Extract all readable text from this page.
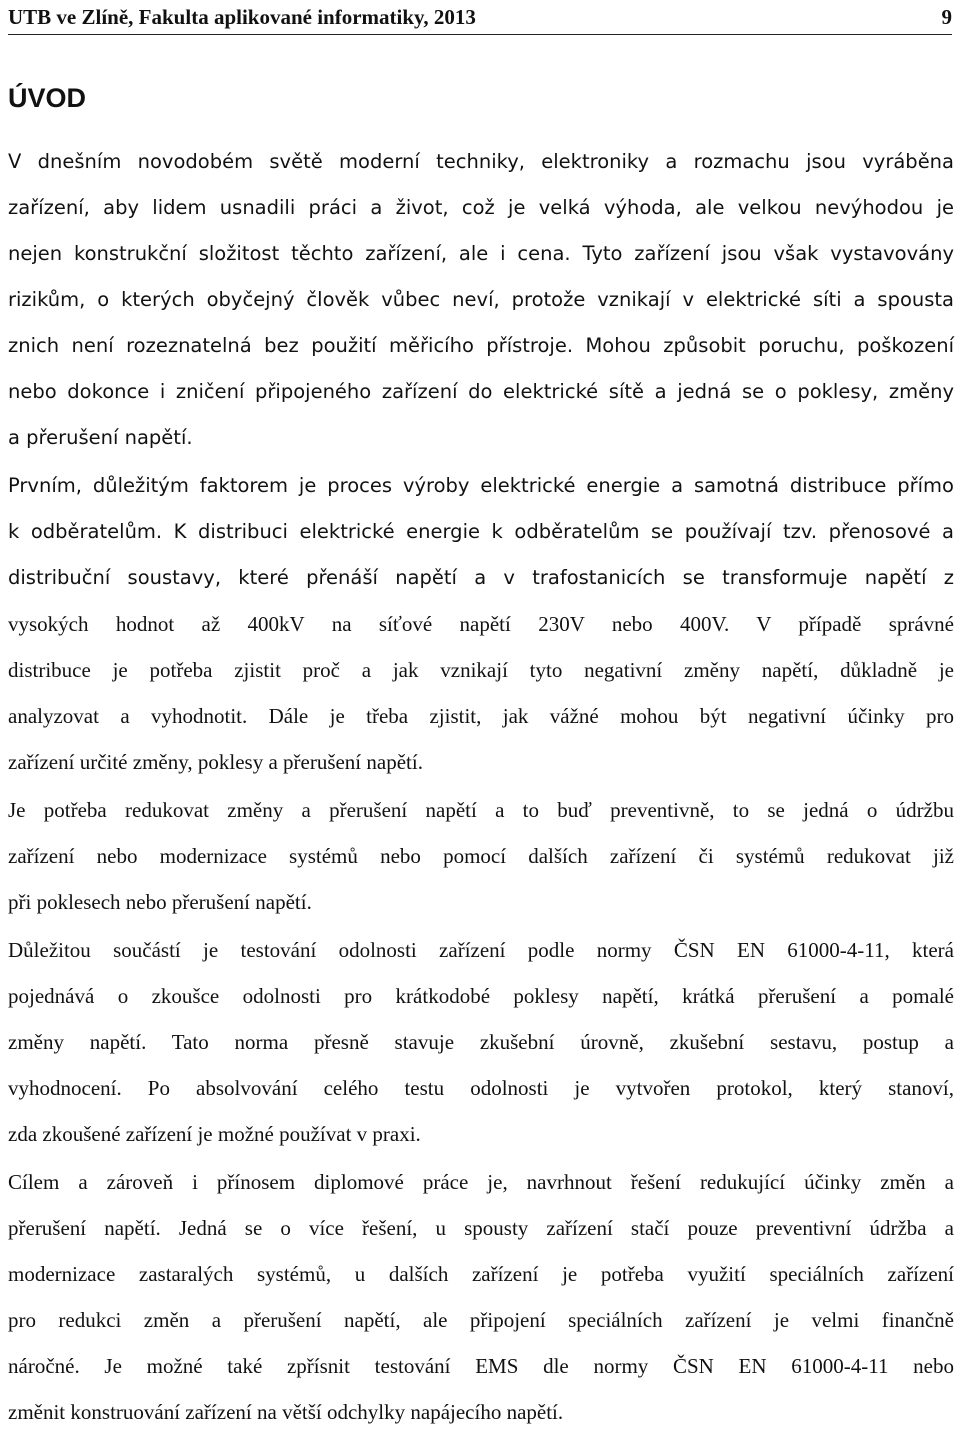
UTB ve Zlíně, Fakulta aplikované informatiky, 2013	9
ÚVOD
V dnešním novodobém světě moderní techniky, elektroniky a rozmachu jsou vyráběna
zařízení, aby lidem usnadili práci a život, což je velká výhoda, ale velkou nevýhodou je
nejen konstrukční složitost těchto zařízení, ale i cena. Tyto zařízení jsou však vystavovány
rizikům, o kterých obyčejný člověk vůbec neví, protože vznikají v elektrické síti a spousta
znich není rozeznatelná bez použití měřicího přístroje. Mohou způsobit poruchu, poškození
nebo dokonce i zničení připojeného zařízení do elektrické sítě a jedná se o poklesy, změny
a přerušení napětí.
Prvním, důležitým faktorem je proces výroby elektrické energie a samotná distribuce přímo
k odběratelům. K distribuci elektrické energie k odběratelům se používají tzv. přenosové a
distribuční soustavy, které přenáší napětí a v trafostanicích se transformuje napětí z
vysokých hodnot až 400kV na síťové napětí 230V nebo 400V. V případě správné
distribuce je potřeba zjistit proč a jak vznikají tyto negativní změny napětí, důkladně je
analyzovat a vyhodnotit. Dále je třeba zjistit, jak vážné mohou být negativní účinky pro
zařízení určité změny, poklesy a přerušení napětí.
Je potřeba redukovat změny a přerušení napětí a to buď preventivně, to se jedná o údržbu
zařízení nebo modernizace systémů nebo pomocí dalších zařízení či systémů redukovat již
při poklesech nebo přerušení napětí.
Důležitou součástí je testování odolnosti zařízení podle normy ČSN EN 61000-4-11, která
pojednává o zkoušce odolnosti pro krátkodobé poklesy napětí, krátká přerušení a pomalé
změny napětí. Tato norma přesně stavuje zkušební úrovně, zkušební sestavu, postup a
vyhodnocení. Po absolvování celého testu odolnosti je vytvořen protokol, který stanoví,
zda zkoušené zařízení je možné používat v praxi.
Cílem a zároveň i přínosem diplomové práce je, navrhnout řešení redukující účinky změn a
přerušení napětí. Jedná se o více řešení, u spousty zařízení stačí pouze preventivní údržba a
modernizace zastaralých systémů, u dalších zařízení je potřeba využití speciálních zařízení
pro redukci změn a přerušení napětí, ale připojení speciálních zařízení je velmi finančně
náročné. Je možné také zpřísnit testování EMS dle normy ČSN EN 61000-4-11 nebo
změnit konstruování zařízení na větší odchylky napájecího napětí.
